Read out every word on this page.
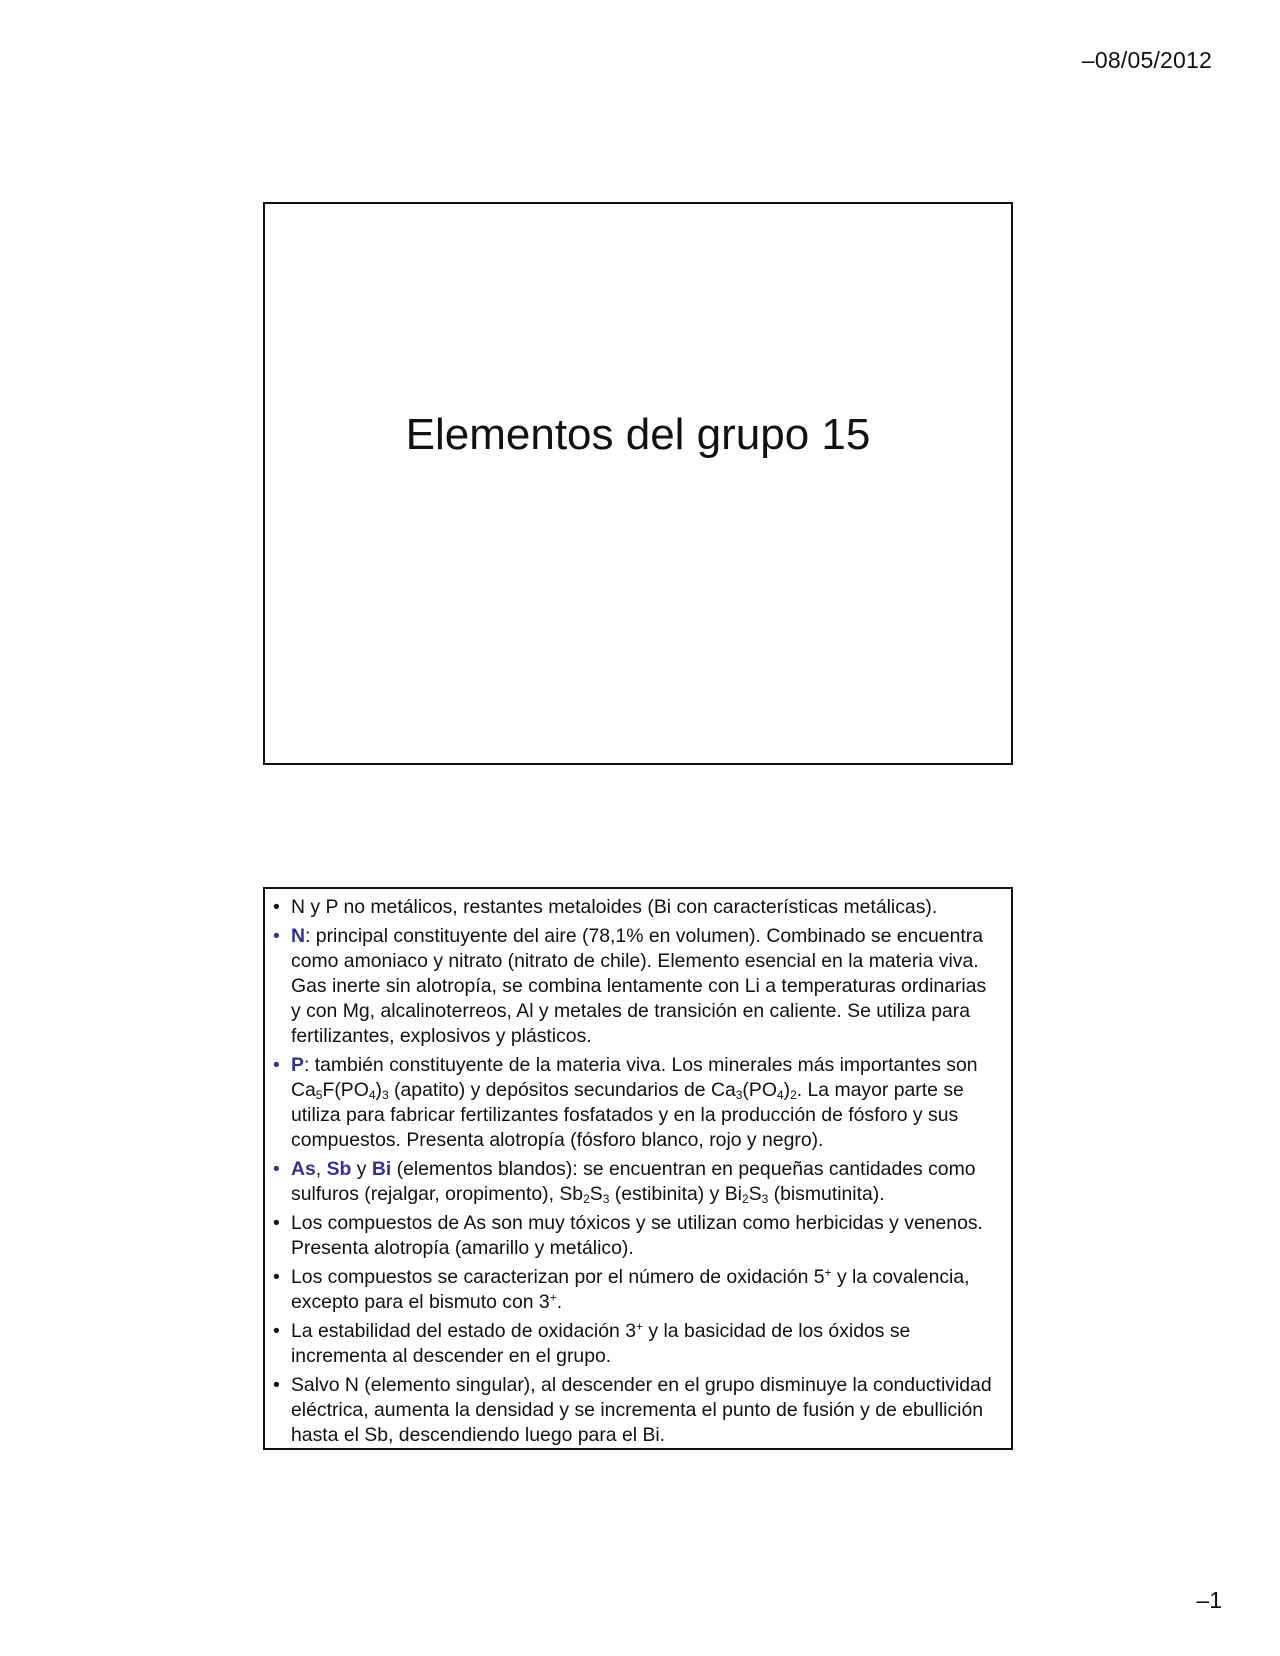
–08/05/2012
Elementos del grupo 15
• N y P no metálicos, restantes metaloides (Bi con características metálicas).
• N: principal constituyente del aire (78,1% en volumen). Combinado se encuentra como amoniaco y nitrato (nitrato de chile). Elemento esencial en la materia viva. Gas inerte sin alotropía, se combina lentamente con Li a temperaturas ordinarias y con Mg, alcalinoterreos, Al y metales de transición en caliente. Se utiliza para fertilizantes, explosivos y plásticos.
• P: también constituyente de la materia viva. Los minerales más importantes son $Ca_5F(PO_4)_3$ (apatito) y depósitos secundarios de $Ca_3(PO_4)_2$. La mayor parte se utiliza para fabricar fertilizantes fosfatados y en la producción de fósforo y sus compuestos. Presenta alotropía (fósforo blanco, rojo y negro).
• As, Sb y Bi (elementos blandos): se encuentran en pequeñas cantidades como sulfuros (rejalgar, oropimento), $Sb_2S_3$ (estibinita) y $Bi_2S_3$ (bismutinita).
• Los compuestos de As son muy tóxicos y se utilizan como herbicidas y venenos. Presenta alotropía (amarillo y metálico).
• Los compuestos se caracterizan por el número de oxidación 5+ y la covalencia, excepto para el bismuto con 3+.
• La estabilidad del estado de oxidación 3+ y la basicidad de los óxidos se incrementa al descender en el grupo.
• Salvo N (elemento singular), al descender en el grupo disminuye la conductividad eléctrica, aumenta la densidad y se incrementa el punto de fusión y de ebullición hasta el Sb, descendiendo luego para el Bi.
–1
